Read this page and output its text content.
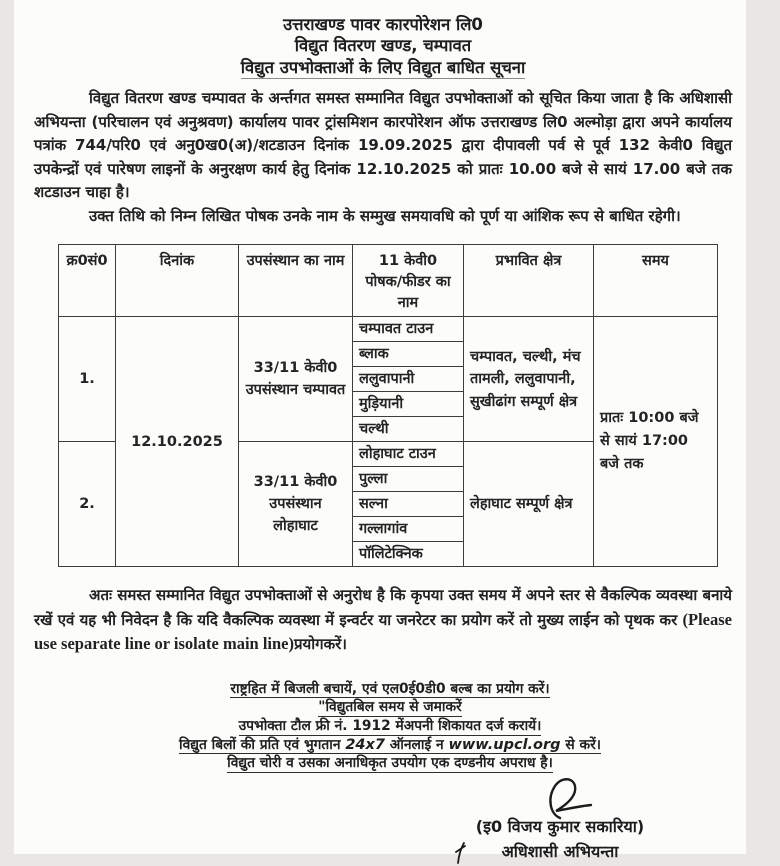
उत्तराखण्ड पावर कारपोरेशन लि0
विद्युत वितरण खण्ड, चम्पावत
विद्युत उपभोक्ताओं के लिए विद्युत बाधित सूचना

विद्युत वितरण खण्ड चम्पावत के अर्न्तगत समस्त सम्मानित विद्युत उपभोक्ताओं को सूचित किया जाता है कि अधिशासी अभियन्ता (परिचालन एवं अनुश्रवण) कार्यालय पावर ट्रांसमिशन कारपोरेशन ऑफ उत्तराखण्ड लि0 अल्मोड़ा द्वारा अपने कार्यालय पत्रांक 744/परि0 एवं अनु0ख0(अ)/शटडाउन दिनांक 19.09.2025 द्वारा दीपावली पर्व से पूर्व 132 केवी0 विद्युत उपकेन्द्रों एवं पारेषण लाइनों के अनुरक्षण कार्य हेतु दिनांक 12.10.2025 को प्रातः 10.00 बजे से सायं 17.00 बजे तक शटडाउन चाहा है।

उक्त तिथि को निम्न लिखित पोषक उनके नाम के सम्मुख समयावधि को पूर्ण या आंशिक रूप से बाधित रहेगी।

क्र0सं0	दिनांक	उपसंस्थान का नाम	11 केवी0 पोषक/फीडर का नाम	प्रभावित क्षेत्र	समय
1.	12.10.2025	33/11 केवी0 उपसंस्थान चम्पावत	चम्पावत टाउन	चम्पावत, चल्थी, मंच तामली, ललुवापानी, सुखीढांग सम्पूर्ण क्षेत्र	प्रातः 10:00 बजे से सायं 17:00 बजे तक
			ब्लाक		
			ललुवापानी		
			मुड़ियानी		
			चल्थी		
2.		33/11 केवी0 उपसंस्थान लोहाघाट	लोहाघाट टाउन	लेहाघाट सम्पूर्ण क्षेत्र	
			पुल्ला		
			सल्ना		
			गल्लागांव		
			पॉलिटेक्निक		

अतः समस्त सम्मानित विद्युत उपभोक्ताओं से अनुरोध है कि कृपया उक्त समय में अपने स्तर से वैकल्पिक व्यवस्था बनाये रखें एवं यह भी निवेदन है कि यदि वैकल्पिक व्यवस्था में इन्वर्टर या जनरेटर का प्रयोग करें तो मुख्य लाईन को पृथक कर (Please use separate line or isolate main line)प्रयोगकरें।

राष्ट्रहित में बिजली बचायें, एवं एल0ई0डी0 बल्ब का प्रयोग करें।
"विद्युतबिल समय से जमाकरें
उपभोक्ता टौल फ्री नं. 1912 मेंअपनी शिकायत दर्ज करायें।
विद्युत बिलों की प्रति एवं भुगतान 24x7 ऑनलाई न www.upcl.org से करें।
विद्युत चोरी व उसका अनाधिकृत उपयोग एक दण्डनीय अपराध है।
(इ0 विजय कुमार सकारिया)
अधिशासी अभियन्ता
